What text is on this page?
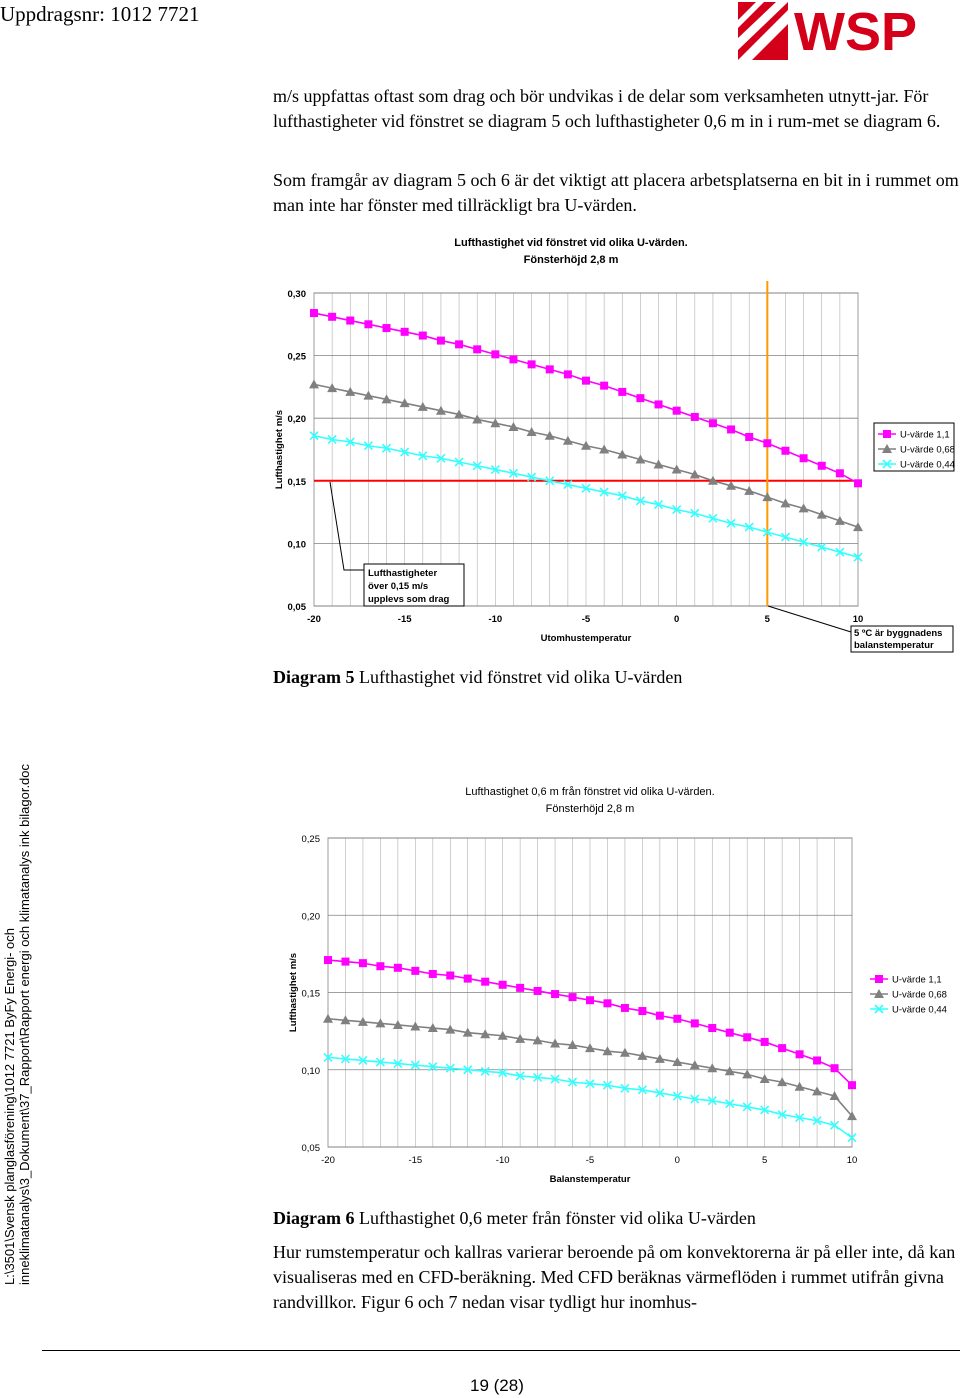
Uppdragsnr: 1012 7721	WSP
m/s uppfattas oftast som drag och bör undvikas i de delar som verksamheten utnytt-jar. För lufthastigheter vid fönstret se diagram 5 och lufthastigheter 0,6 m in i rum-met se diagram 6.
Som framgår av diagram 5 och 6 är det viktigt att placera arbetsplatserna en bit in i rummet om man inte har fönster med tillräckligt bra U-värden.
Lufthastighet vid fönstret vid olika U-värden.
Fönsterhöjd 2,8 m
0,05
0,10
0,15
0,20
0,25
0,30
-20	-15	-10	-5	0	5	10
Utomhustemperatur
Lufthastighet m/s	U-värde 1,1
U-värde 0,68
U-värde 0,44
Lufthastigheter
över 0,15 m/s
upplevs som drag
5 ºC är byggnadens
balanstemperatur
Diagram 5 Lufthastighet vid fönstret vid olika U-värden
Lufthastighet 0,6 m från fönstret vid olika U-värden.
Fönsterhöjd 2,8 m
0,05
0,10
0,15
0,20
0,25
-20	-15	-10	-5	0	5	10
Balanstemperatur
Lufthastighet m/s	U-värde 1,1
U-värde 0,68
U-värde 0,44
Diagram 6 Lufthastighet 0,6 meter från fönster vid olika U-värden
Hur rumstemperatur och kallras varierar beroende på om konvektorerna är på eller inte, då kan visualiseras med en CFD-beräkning. Med CFD beräknas värmeflöden i rummet utifrån givna randvillkor. Figur 6 och 7 nedan visar tydligt hur inomhus-
L:\3501\Svensk planglasförening\1012 7721 ByFy Energi- och inneklimatanalys\3_Dokument\37_Rapport\Rapport energi och klimatanalys ink bilagor.doc
19 (28)
